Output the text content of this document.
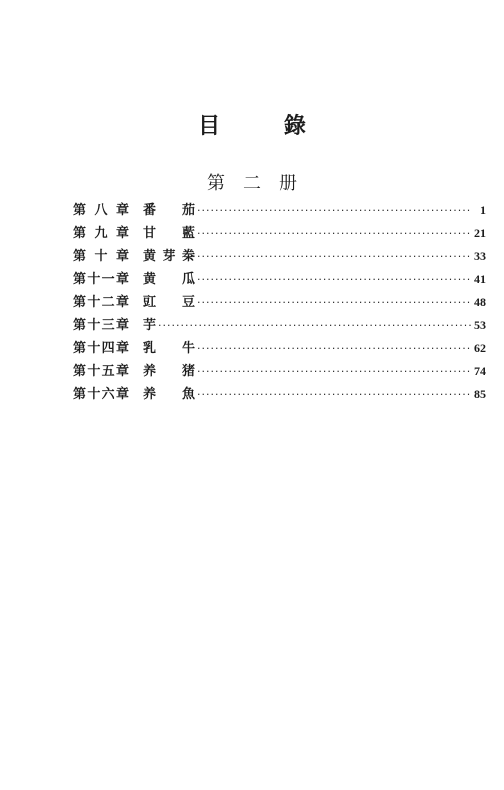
目 錄
第二册
第八章 番　茄 ·····	1
第九章 甘　藍 ·····	21
第十章 黄芽桊 ·····	33
第十一章 黄　瓜 ·····	41
第十二章 豇　豆 ·····	48
第十三章 芋 ·····	53
第十四章 乳　牛 ·····	62
第十五章 养　猪 ·····	74
第十六章 养　魚 ·····	85
